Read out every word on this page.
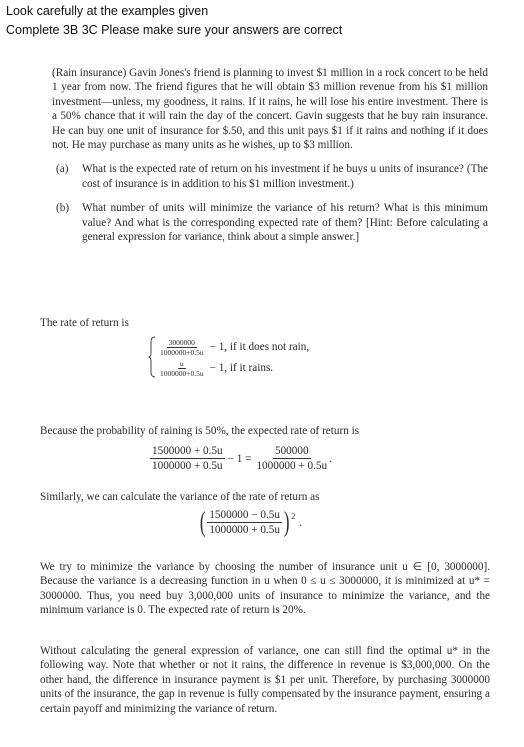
Look carefully at the examples given
Complete 3B 3C Please make sure your answers are correct

(Rain insurance) Gavin Jones's friend is planning to invest $1 million in a rock concert to be held 1 year from now. The friend figures that he will obtain $3 million revenue from his $1 million investment—unless, my goodness, it rains. If it rains, he will lose his entire investment. There is a 50% chance that it will rain the day of the concert. Gavin suggests that he buy rain insurance. He can buy one unit of insurance for $.50, and this unit pays $1 if it rains and nothing if it does not. He may purchase as many units as he wishes, up to $3 million.

(a)	What is the expected rate of return on his investment if he buys u units of insurance? (The cost of insurance is in addition to his $1 million investment.)
(b)	What number of units will minimize the variance of his return? What is this minimum value? And what is the corresponding expected rate of them? [Hint: Before calculating a general expression for variance, think about a simple answer.]
The rate of return is
$\frac{3000000}{1000000+0.5u} - 1$, if it does not rain,
$\frac{u}{1000000+0.5u} - 1$, if it rains.
Because the probability of raining is 50%, the expected rate of return is
$\frac{1500000 + 0.5u}{1000000 + 0.5u} - 1 = \frac{500000}{1000000 + 0.5u}$ .
Similarly, we can calculate the variance of the rate of return as
( $\frac{1500000 - 0.5u}{1000000 + 0.5u}$ ) 2
.
We try to minimize the variance by choosing the number of insurance unit u ∈ [0, 3000000]. Because the variance is a decreasing function in u when 0 ≤ u ≤ 3000000, it is minimized at u* = 3000000. Thus, you need buy 3,000,000 units of insurance to minimize the variance, and the minimum variance is 0. The expected rate of return is 20%.
Without calculating the general expression of variance, one can still find the optimal u* in the following way. Note that whether or not it rains, the difference in revenue is $3,000,000. On the other hand, the difference in insurance payment is $1 per unit. Therefore, by purchasing 3000000 units of the insurance, the gap in revenue is fully compensated by the insurance payment, ensuring a certain payoff and minimizing the variance of return.
